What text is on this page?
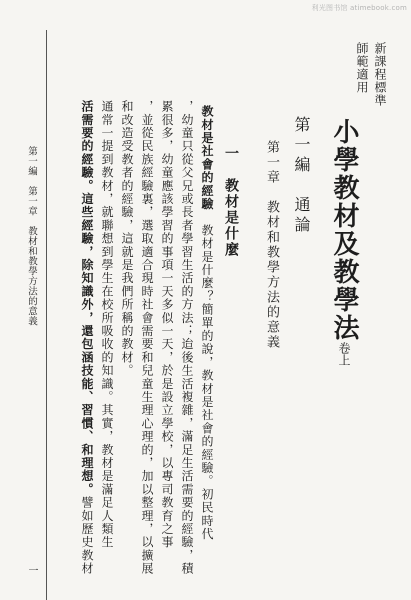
利光图书馆 atimebook.com
新課程標準
師範適用
小學教材及教學法
卷上
第一編　通論
第一章　教材和教學方法的意義
一　教材是什麼
教材是社會的經驗　教材是什麼？簡單的說，教材是社會的經驗。初民時代
，幼童只從父兄或長者學習生活的方法；迨後生活複雜，滿足生活需要的經驗，積
累很多，幼童應該學習的事項一天多似一天，於是設立學校，以專司教育之事
，並從民族經驗裏，選取適合現時社會需要和兒童生理心理的，加以整理，以擴展
和改造受教者的經驗，這就是我們所稱的教材。
通常一提到教材，就聯想到學生在校所吸收的知識。其實，教材是滿足人類生
活需要的經驗。這些經驗，除知識外，還包涵技能、習慣、和理想。譬如歷史教材
第一編　第一章　教材和教學方法的意義
一
